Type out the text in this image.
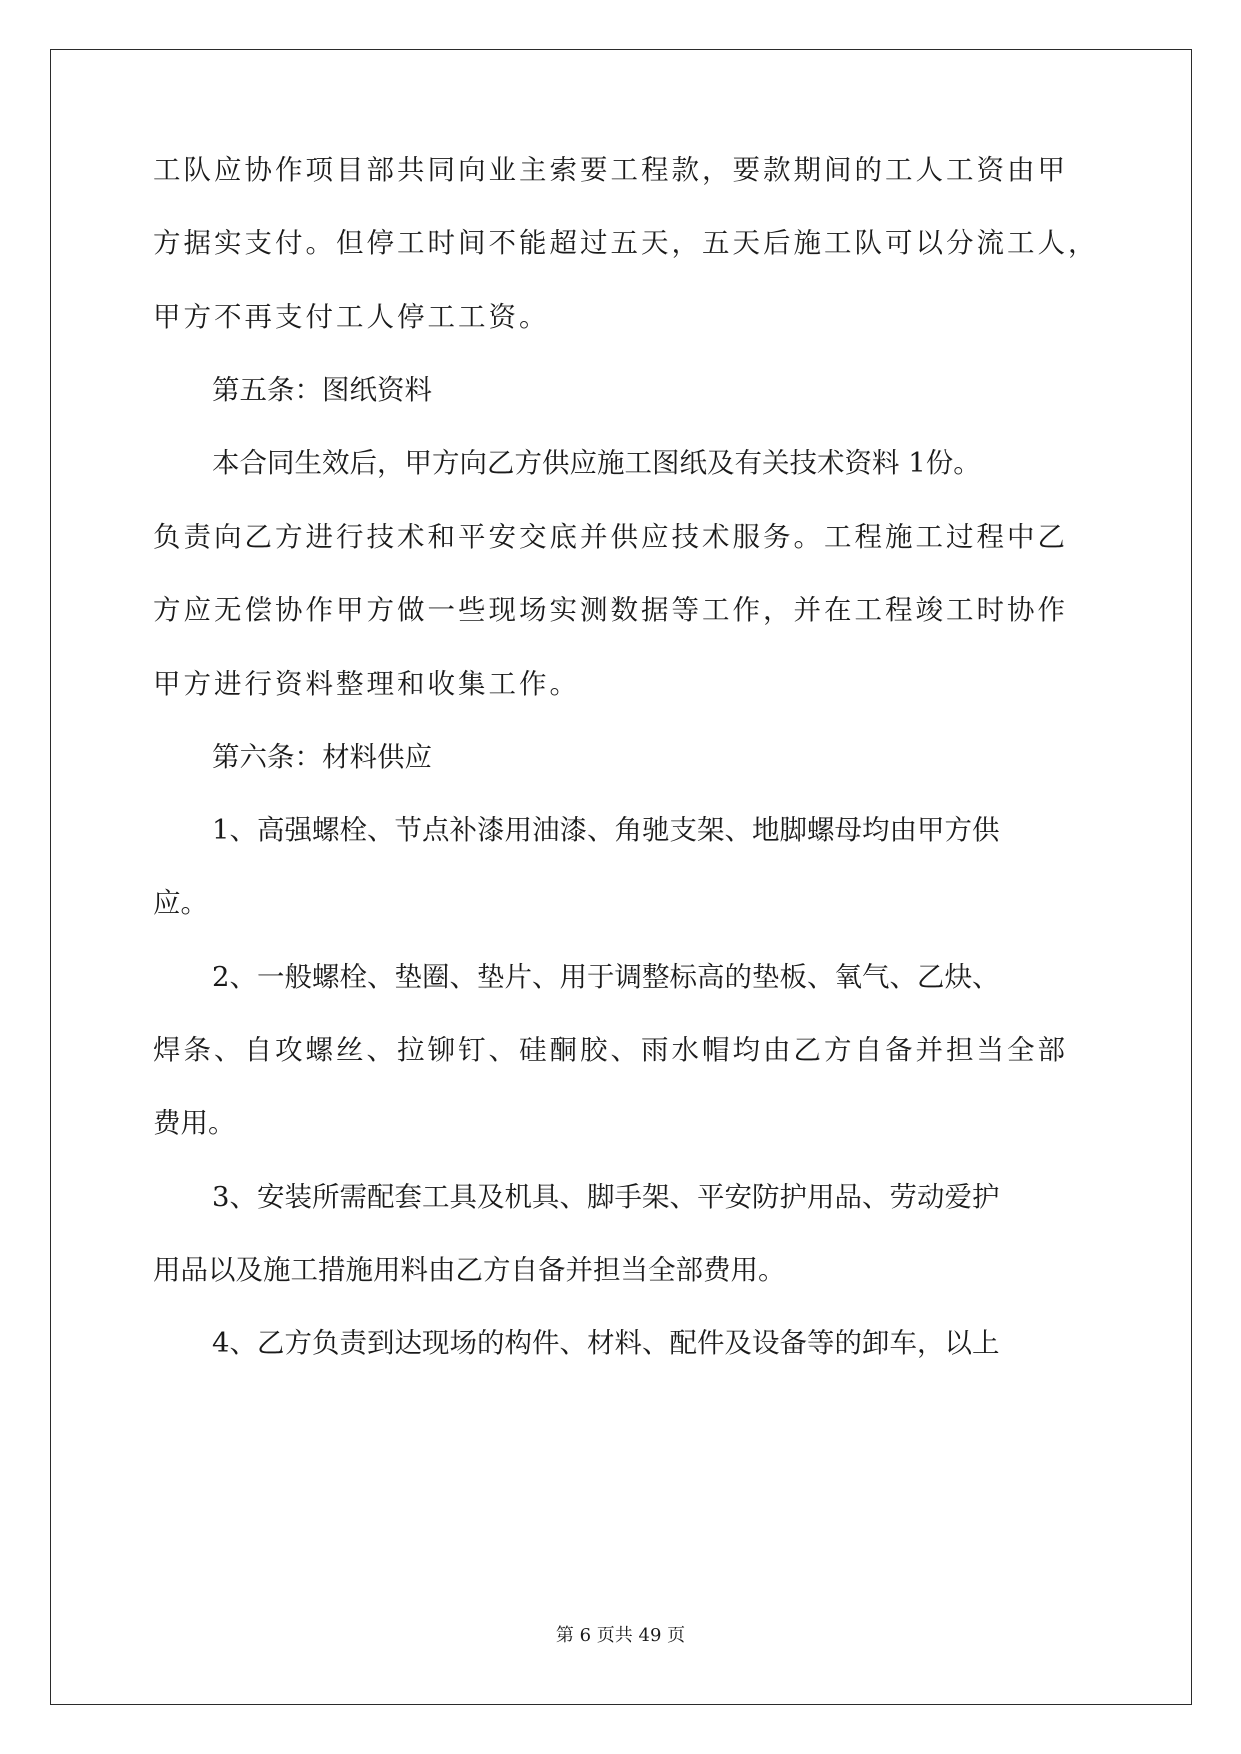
工队应协作项目部共同向业主索要工程款，要款期间的工人工资由甲

方据实支付。但停工时间不能超过五天，五天后施工队可以分流工人，

甲方不再支付工人停工工资。

第五条：图纸资料

本合同生效后，甲方向乙方供应施工图纸及有关技术资料 1份。

负责向乙方进行技术和平安交底并供应技术服务。工程施工过程中乙

方应无偿协作甲方做一些现场实测数据等工作，并在工程竣工时协作

甲方进行资料整理和收集工作。

第六条：材料供应

1、高强螺栓、节点补漆用油漆、角驰支架、地脚螺母均由甲方供

应。

2、一般螺栓、垫圈、垫片、用于调整标高的垫板、氧气、乙炔、

焊条、自攻螺丝、拉铆钉、硅酮胶、雨水帽均由乙方自备并担当全部

费用。

3、安装所需配套工具及机具、脚手架、平安防护用品、劳动爱护

用品以及施工措施用料由乙方自备并担当全部费用。

4、乙方负责到达现场的构件、材料、配件及设备等的卸车，以上

第 6 页共 49 页
